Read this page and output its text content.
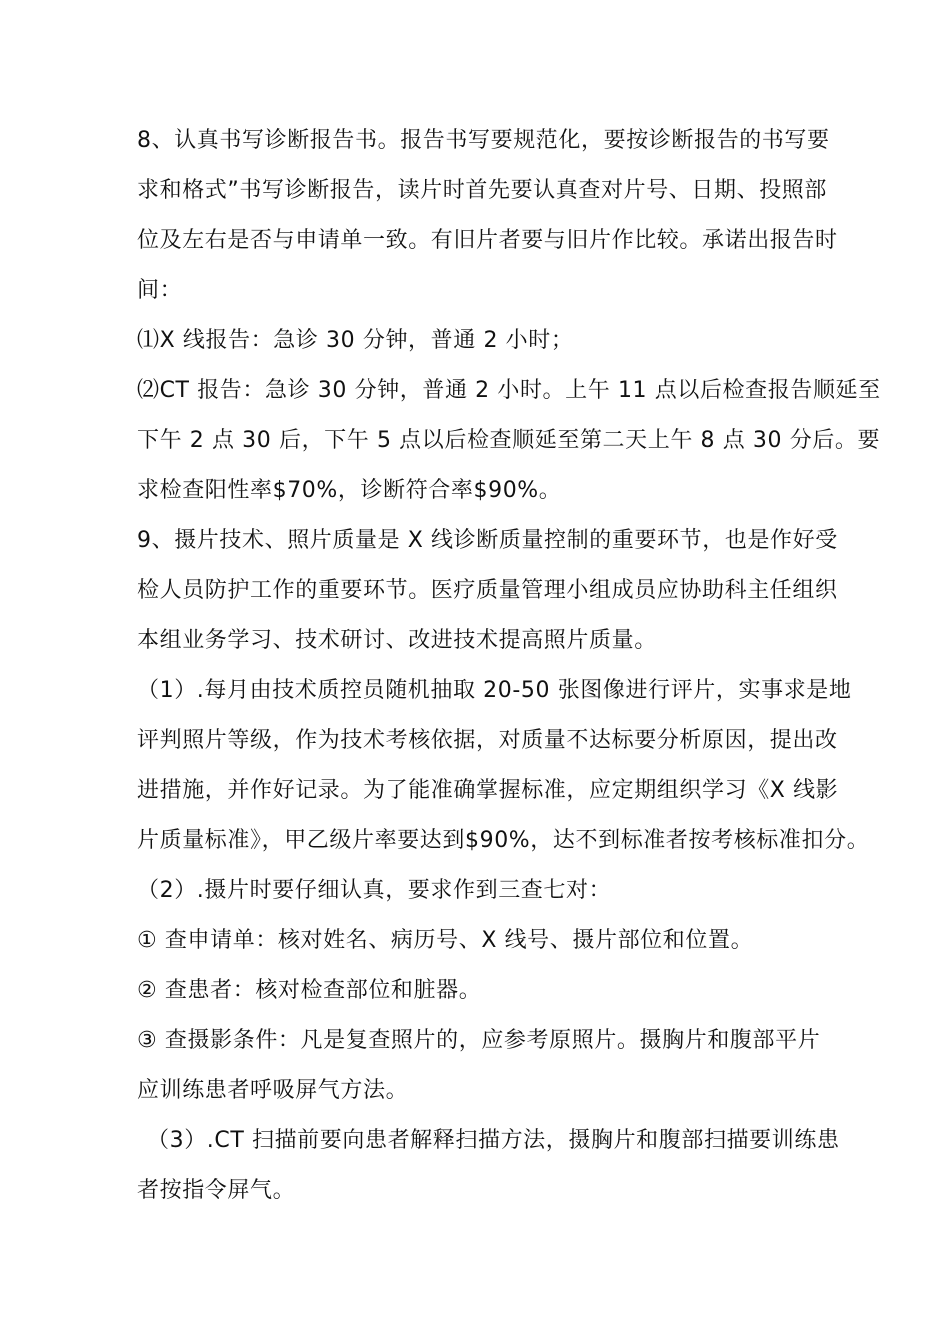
8、认真书写诊断报告书。报告书写要规范化，要按诊断报告的书写要
求和格式”书写诊断报告，读片时首先要认真查对片号、日期、投照部
位及左右是否与申请单一致。有旧片者要与旧片作比较。承诺出报告时
间：
⑴X 线报告：急诊 30 分钟，普通 2 小时；
⑵CT 报告：急诊 30 分钟，普通 2 小时。上午 11 点以后检查报告顺延至
下午 2 点 30 后，下午 5 点以后检查顺延至第二天上午 8 点 30 分后。要
求检查阳性率$70%，诊断符合率$90%。
9、摄片技术、照片质量是 X 线诊断质量控制的重要环节，也是作好受
检人员防护工作的重要环节。医疗质量管理小组成员应协助科主任组织
本组业务学习、技术研讨、改进技术提高照片质量。
（1）.每月由技术质控员随机抽取 20-50 张图像进行评片，实事求是地
评判照片等级，作为技术考核依据，对质量不达标要分析原因，提出改
进措施，并作好记录。为了能准确掌握标准，应定期组织学习《X 线影
片质量标准》，甲乙级片率要达到$90%，达不到标准者按考核标准扣分。
（2）.摄片时要仔细认真，要求作到三查七对：
① 查申请单：核对姓名、病历号、X 线号、摄片部位和位置。
② 查患者：核对检查部位和脏器。
③ 查摄影条件：凡是复查照片的，应参考原照片。摄胸片和腹部平片
应训练患者呼吸屏气方法。
（3）.CT 扫描前要向患者解释扫描方法，摄胸片和腹部扫描要训练患
者按指令屏气。
